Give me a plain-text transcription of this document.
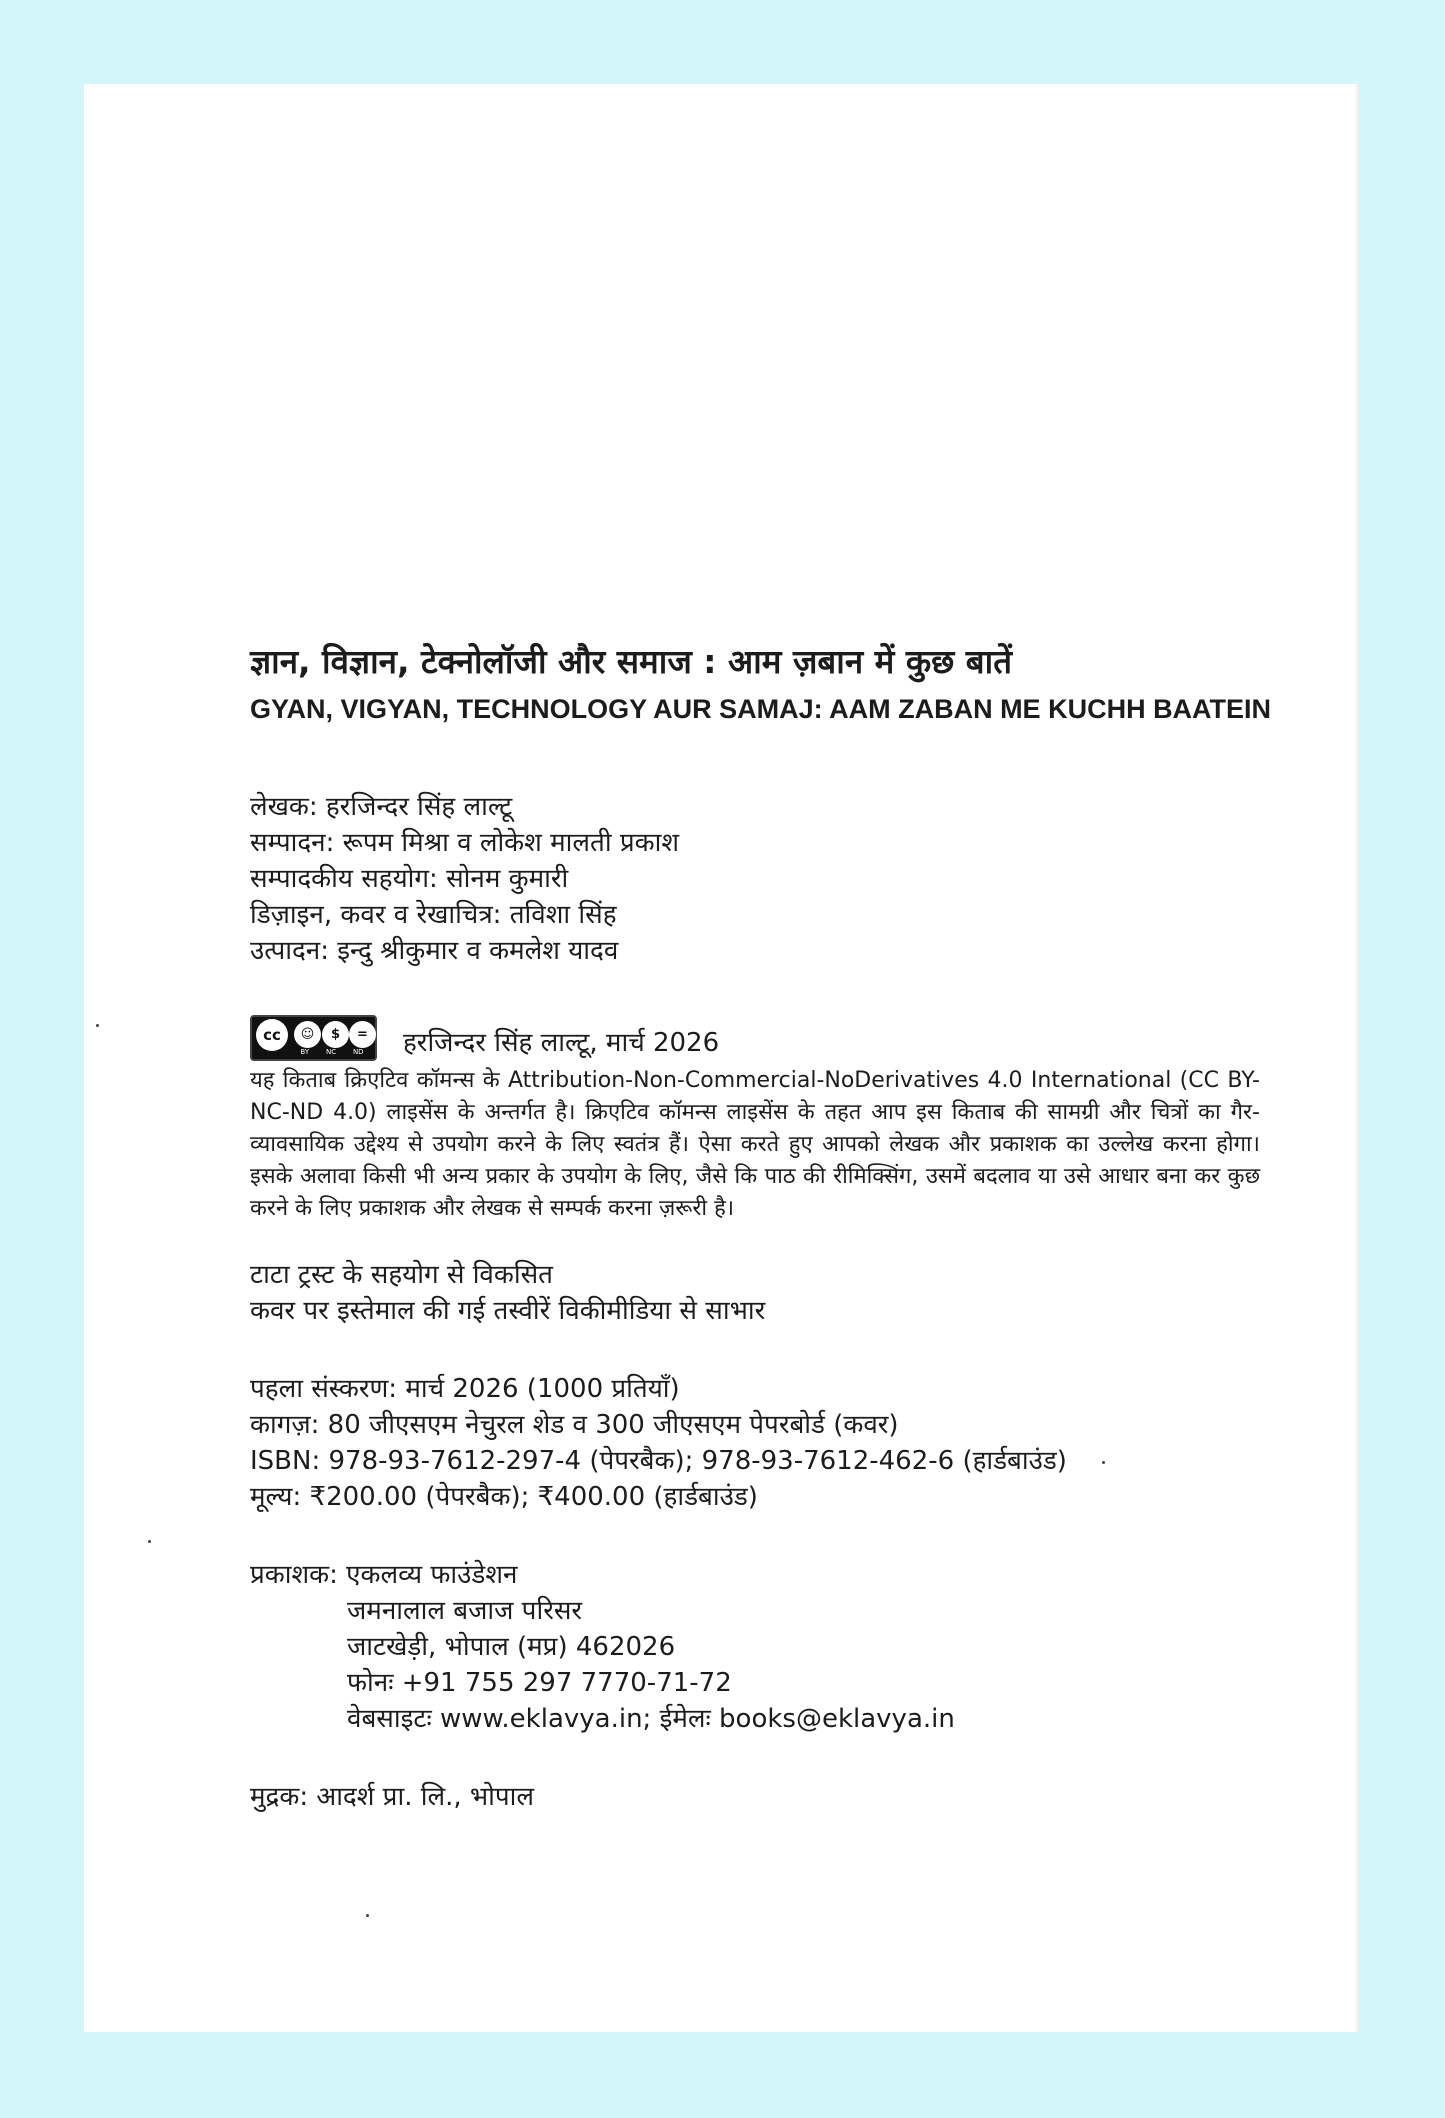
ज्ञान, विज्ञान, टेक्नोलॉजी और समाज : आम ज़बान में कुछ बातें
GYAN, VIGYAN, TECHNOLOGY AUR SAMAJ: AAM ZABAN ME KUCHH BAATEIN
लेखक: हरजिन्दर सिंह लाल्टू
सम्पादन: रूपम मिश्रा व लोकेश मालती प्रकाश
सम्पादकीय सहयोग: सोनम कुमारी
डिज़ाइन, कवर व रेखाचित्र: तविशा सिंह
उत्पादन: इन्दु श्रीकुमार व कमलेश यादव
cc	☺	$	=
BY NC ND हरजिन्दर सिंह लाल्टू, मार्च 2026

यह किताब क्रिएटिव कॉमन्स के Attribution-Non-Commercial-NoDerivatives 4.0 International (CC BY-NC-ND 4.0) लाइसेंस के अन्तर्गत है। क्रिएटिव कॉमन्स लाइसेंस के तहत आप इस किताब की सामग्री और चित्रों का गैर-व्यावसायिक उद्देश्य से उपयोग करने के लिए स्वतंत्र हैं। ऐसा करते हुए आपको लेखक और प्रकाशक का उल्लेख करना होगा। इसके अलावा किसी भी अन्य प्रकार के उपयोग के लिए, जैसे कि पाठ की रीमिक्सिंग, उसमें बदलाव या उसे आधार बना कर कुछ करने के लिए प्रकाशक और लेखक से सम्पर्क करना ज़रूरी है।

टाटा ट्रस्ट के सहयोग से विकसित
कवर पर इस्तेमाल की गई तस्वीरें विकीमीडिया से साभार
पहला संस्करण: मार्च 2026 (1000 प्रतियाँ)
कागज़: 80 जीएसएम नेचुरल शेड व 300 जीएसएम पेपरबोर्ड (कवर)
ISBN: 978-93-7612-297-4 (पेपरबैक); 978-93-7612-462-6 (हार्डबाउंड)
मूल्य: ₹200.00 (पेपरबैक); ₹400.00 (हार्डबाउंड)
प्रकाशक: एकलव्य फाउंडेशन
जमनालाल बजाज परिसर
जाटखेड़ी, भोपाल (मप्र) 462026
फोनः +91 755 297 7770-71-72
वेबसाइटः www.eklavya.in; ईमेलः books@eklavya.in
मुद्रक: आदर्श प्रा. लि., भोपाल
